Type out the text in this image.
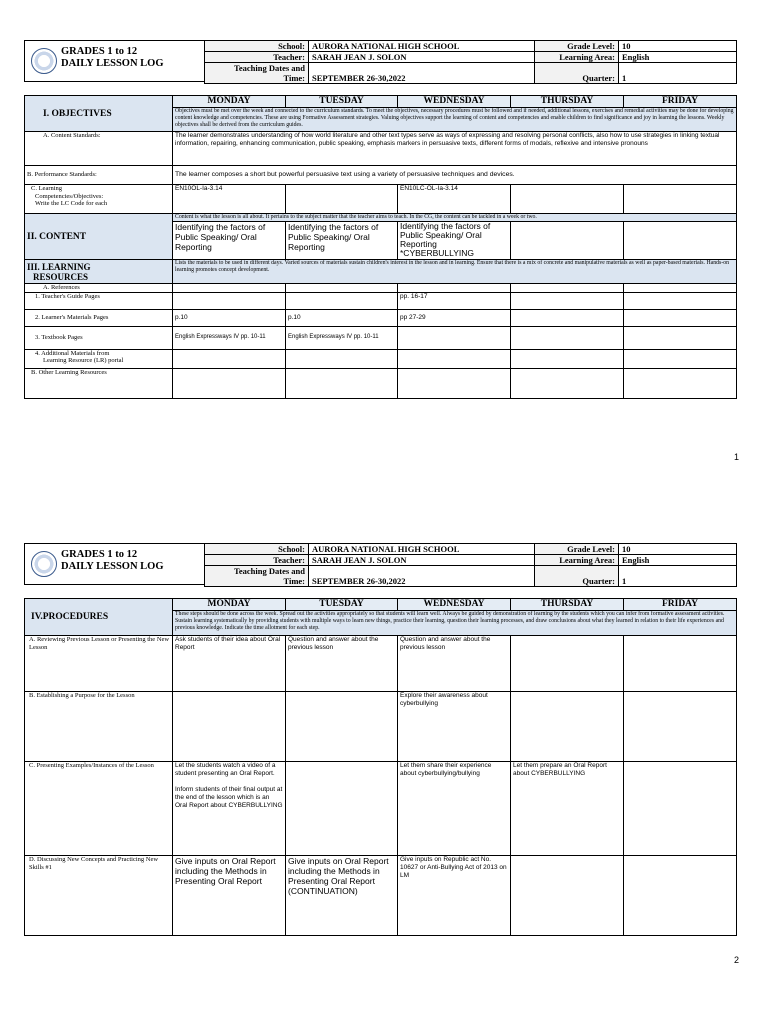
GRADES 1 to 12
DAILY LESSON LOG
School:	AURORA NATIONAL HIGH SCHOOL	Grade Level:	10
Teacher:	SARAH JEAN J. SOLON	Learning Area:	English

Teaching Dates and
Time:	SEPTEMBER 26-30,2022	Quarter:	1
I. OBJECTIVES	MONDAY	TUESDAY	WEDNESDAY	THURSDAY	FRIDAY
	Objectives must be met over the week and connected to the curriculum standards. To meet the objectives, necessary procedures must be followed and if needed, additional lessons, exercises and remedial activities may be done for developing content knowledge and competencies. These are using Formative Assessment strategies. Valuing objectives support the learning of content and competencies and enable children to find significance and joy in learning the lessons. Weekly objectives shall be derived from the curriculum guides.				
A. Content Standards:	The learner demonstrates understanding of how world literature and other text types serve as ways of expressing and resolving personal conflicts, also how to use strategies in linking textual information, repairing, enhancing communication, public speaking, emphasis markers in persuasive texts, different forms of modals, reflexive and intensive pronouns				
B. Performance Standards:	The learner composes a short but powerful persuasive text using a variety of persuasive techniques and devices.				

C. Learning
Competencies/Objectives:
Write the LC Code for each	EN10OL-Ia-3.14		EN10LC-OL-Ia-3.14		
II. CONTENT	Content is what the lesson is all about. It pertains to the subject matter that the teacher aims to teach. In the CG, the content can be tackled in a week or two.				
	Identifying the factors of Public Speaking/ Oral Reporting	Identifying the factors of Public Speaking/ Oral Reporting	Identifying the factors of Public Speaking/ Oral Reporting
*CYBERBULLYING		

III. LEARNING
RESOURCES	Lists the materials to be used in different days. Varied sources of materials sustain children's interest in the lesson and in learning. Ensure that there is a mix of concrete and manipulative materials as well as paper-based materials. Hands-on learning promotes concept development.				
A. References					
1. Teacher's Guide Pages			pp. 16-17		
2. Learner's Materials Pages	p.10	p.10	pp 27-29		
3. Textbook Pages	English Expressways IV pp. 10-11	English Expressways IV pp. 10-11			

4. Additional Materials from
Learning Resource (LR) portal					

B. Other Learning Resources					
1
GRADES 1 to 12
DAILY LESSON LOG
School:	AURORA NATIONAL HIGH SCHOOL	Grade Level:	10
Teacher:	SARAH JEAN J. SOLON	Learning Area:	English

Teaching Dates and
Time:	SEPTEMBER 26-30,2022	Quarter:	1
IV.PROCEDURES	MONDAY	TUESDAY	WEDNESDAY	THURSDAY	FRIDAY
	These steps should be done across the week. Spread out the activities appropriately so that students will learn well. Always be guided by demonstration of learning by the students which you can infer from formative assessment activities. Sustain learning systematically by providing students with multiple ways to learn new things, practice their learning, question their learning processes, and draw conclusions about what they learned in relation to their life experiences and previous knowledge. Indicate the time allotment for each step.				
A. Reviewing Previous Lesson or Presenting the New Lesson	Ask students of their idea about Oral Report	Question and answer about the previous lesson	Question and answer about the previous lesson		
B. Establishing a Purpose for the Lesson			Explore their awareness about cyberbullying		
C. Presenting Examples/Instances of the Lesson	Let the students watch a video of a student presenting an Oral Report.
Inform students of their final output at the end of the lesson which is an Oral Report about CYBERBULLYING		Let them share their experience about cyberbullying/bullying	Let them prepare an Oral Report about CYBERBULLYING	
D. Discussing New Concepts and Practicing New Skills #1	Give inputs on Oral Report including the Methods in Presenting Oral Report	Give inputs on Oral Report including the Methods in Presenting Oral Report
(CONTINUATION)	Give inputs on Republic act No. 10627 or Anti-Bullying Act of 2013 on LM		
2
